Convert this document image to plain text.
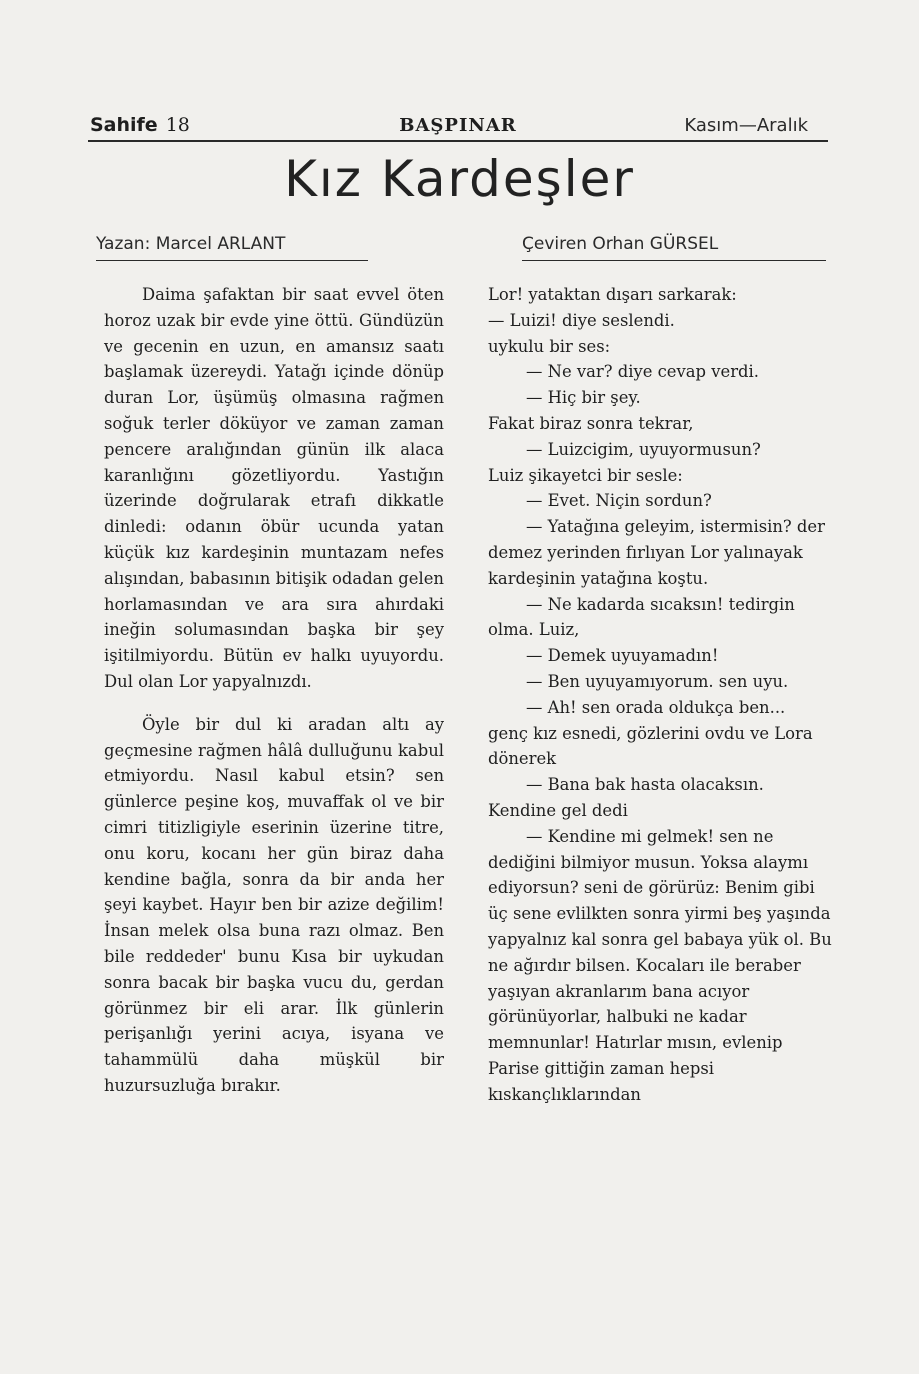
Sahife 18	BAŞPINAR	Kasım—Aralık
Kız Kardeşler
Yazan: Marcel ARLANT	Çeviren Orhan GÜRSEL

Daima şafaktan bir saat evvel öten horoz uzak bir evde yine öttü. Gündüzün ve gecenin en uzun, en amansız saatı başlamak üzereydi. Yatağı içinde dönüp duran Lor, üşümüş olmasına rağmen soğuk terler döküyor ve zaman zaman pencere aralığından günün ilk alaca karanlığını gözetliyordu. Yastığın üzerinde doğrularak etrafı dikkatle dinledi: odanın öbür ucunda yatan küçük kız kardeşinin muntazam nefes alışından, babasının bitişik odadan gelen horlamasından ve ara sıra ahırdaki ineğin solumasından başka bir şey işitilmiyordu. Bütün ev halkı uyuyordu. Dul olan Lor yapyalnızdı.

Öyle bir dul ki aradan altı ay geçmesine rağmen hâlâ dulluğunu kabul etmiyordu. Nasıl kabul etsin? sen günlerce peşine koş, muvaffak ol ve bir cimri titizligiyle eserinin üzerine titre, onu koru, kocanı her gün biraz daha kendine bağla, sonra da bir anda her şeyi kaybet. Hayır ben bir azize değilim! İnsan melek olsa buna razı olmaz. Ben bile reddeder' bunu Kısa bir uykudan sonra bacak bir başka vucu du, gerdan görünmez bir eli arar. İlk günlerin perişanlığı yerini acıya, isyana ve tahammülü daha müşkül bir huzursuzluğa bırakır.

Lor! yataktan dışarı sarkarak:

— Luizi! diye seslendi.

uykulu bir ses:

— Ne var? diye cevap verdi.

— Hiç bir şey.

Fakat biraz sonra tekrar,

— Luizcigim, uyuyormusun?

Luiz şikayetci bir sesle:

— Evet. Niçin sordun?

— Yatağına geleyim, istermisin? der demez yerinden fırlıyan Lor yalınayak kardeşinin yatağına koştu.

— Ne kadarda sıcaksın! tedirgin olma. Luiz,

— Demek uyuyamadın!

— Ben uyuyamıyorum. sen uyu.

— Ah! sen orada oldukça ben...

genç kız esnedi, gözlerini ovdu ve Lora dönerek

— Bana bak hasta olacaksın. Kendine gel dedi

— Kendine mi gelmek! sen ne dediğini bilmiyor musun. Yoksa alaymı ediyorsun? seni de görürüz: Benim gibi üç sene evlilkten sonra yirmi beş yaşında yapyalnız kal sonra gel babaya yük ol. Bu ne ağırdır bilsen. Kocaları ile beraber yaşıyan akranlarım bana acıyor görünüyorlar, halbuki ne kadar memnunlar! Hatırlar mısın, evlenip Parise gittiğin zaman hepsi kıskançlıklarından
